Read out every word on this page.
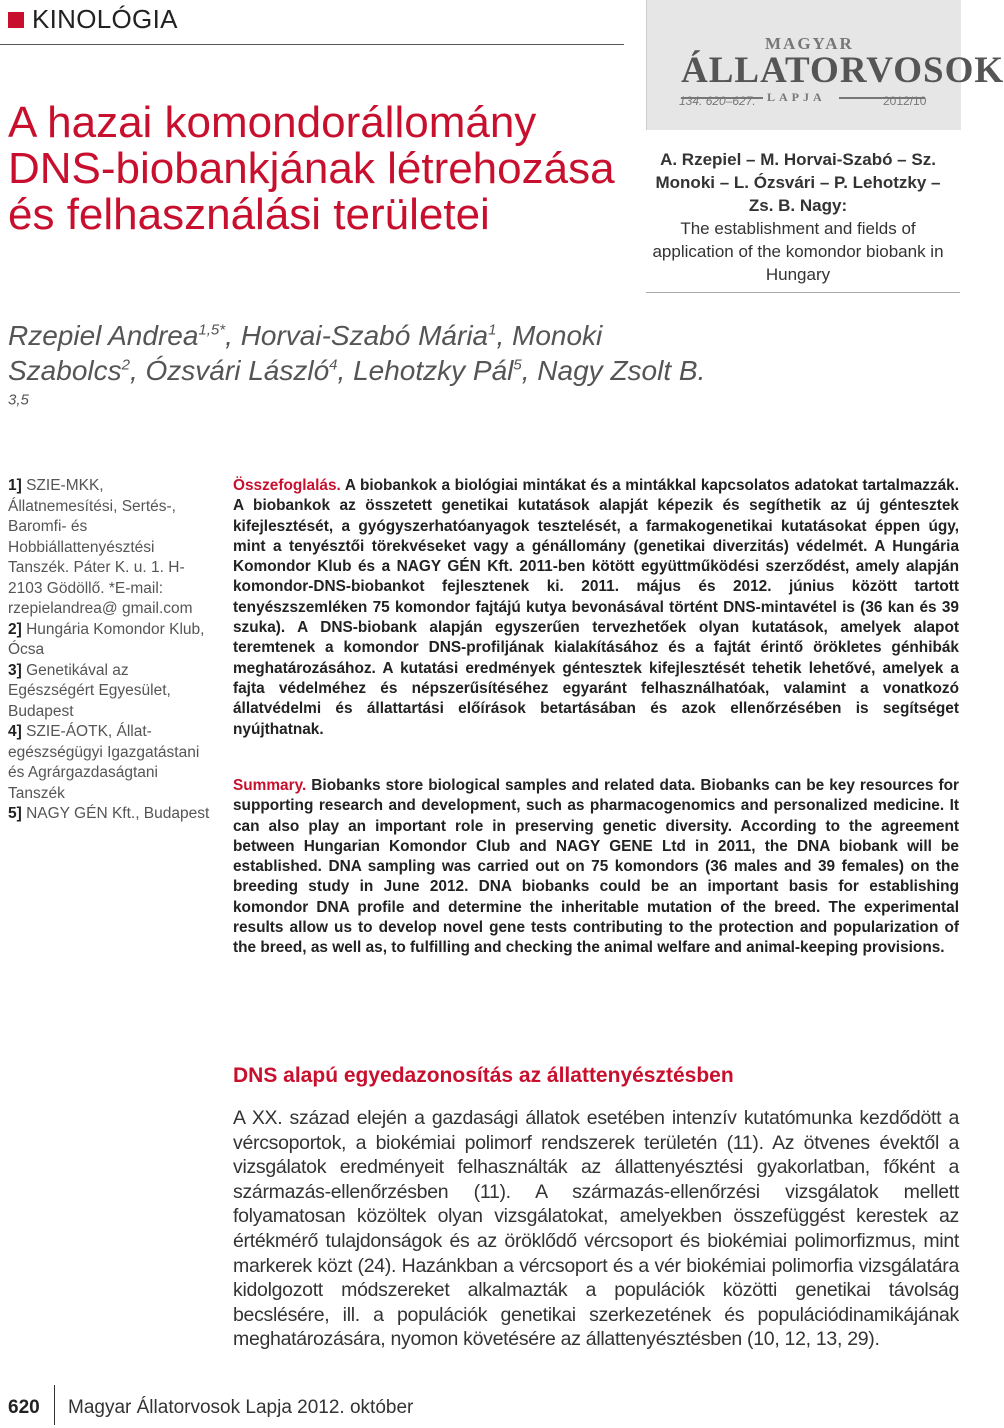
KINOLÓGIA
A hazai komondorállomány DNS-biobankjának létrehozása és felhasználási területei
MAGYAR
ÁLLATORVOSOK
LAPJA
134. 620–627.	2012/10
A. Rzepiel – M. Horvai-Szabó – Sz. Monoki – L. Ózsvári – P. Lehotzky – Zs. B. Nagy:
The establishment and fields of application of the komondor biobank in Hungary
Rzepiel Andrea$^{1,5*}$, Horvai-Szabó Mária$^1$, Monoki Szabolcs$^2$, Ózsvári László$^4$, Lehotzky Pál$^5$, Nagy Zsolt B. $^{3,5}$
1] SZIE-MKK, Állatnemesítési, Sertés-, Baromfi- és Hobbiállattenyésztési Tanszék. Páter K. u. 1. H-2103 Gödöllő. *E-mail: rzepielandrea@ gmail.com
2] Hungária Komondor Klub, Ócsa
3] Genetikával az Egészségért Egyesület, Budapest
4] SZIE-ÁOTK, Állat-egészségügyi Igazgatástani és Agrárgazdaságtani Tanszék
5] NAGY GÉN Kft., Budapest

Összefoglalás. A biobankok a biológiai mintákat és a mintákkal kapcsolatos adatokat tartalmazzák. A biobankok az összetett genetikai kutatások alapját képezik és segíthetik az új géntesztek kifejlesztését, a gyógyszerhatóanyagok tesztelését, a farmakogenetikai kutatásokat éppen úgy, mint a tenyésztői törekvéseket vagy a génállomány (genetikai diverzitás) védelmét. A Hungária Komondor Klub és a NAGY GÉN Kft. 2011-ben kötött együttműködési szerződést, amely alapján komondor-DNS-biobankot fejlesztenek ki. 2011. május és 2012. június között tartott tenyészszemléken 75 komondor fajtájú kutya bevonásával történt DNS-mintavétel is (36 kan és 39 szuka). A DNS-biobank alapján egyszerűen tervezhetőek olyan kutatások, amelyek alapot teremtenek a komondor DNS-profiljának kialakításához és a fajtát érintő örökletes génhibák meghatározásához. A kutatási eredmények géntesztek kifejlesztését tehetik lehetővé, amelyek a fajta védelméhez és népszerűsítéséhez egyaránt felhasználhatóak, valamint a vonatkozó állatvédelmi és állattartási előírások betartásában és azok ellenőrzésében is segítséget nyújthatnak.

Summary. Biobanks store biological samples and related data. Biobanks can be key resources for supporting research and development, such as pharmacogenomics and personalized medicine. It can also play an important role in preserving genetic diversity. According to the agreement between Hungarian Komondor Club and NAGY GENE Ltd in 2011, the DNA biobank will be established. DNA sampling was carried out on 75 komondors (36 males and 39 females) on the breeding study in June 2012. DNA biobanks could be an important basis for establishing komondor DNA profile and determine the inheritable mutation of the breed. The experimental results allow us to develop novel gene tests contributing to the protection and popularization of the breed, as well as, to fulfilling and checking the animal welfare and animal-keeping provisions.

DNS alapú egyedazonosítás az állattenyésztésben

A XX. század elején a gazdasági állatok esetében intenzív kutatómunka kezdődött a vércsoportok, a biokémiai polimorf rendszerek területén (11). Az ötvenes évektől a vizsgálatok eredményeit felhasználták az állattenyésztési gyakorlatban, főként a származás-ellenőrzésben (11). A származás-ellenőrzési vizsgálatok mellett folyamatosan közöltek olyan vizsgálatokat, amelyekben összefüggést kerestek az értékmérő tulajdonságok és az öröklődő vércsoport és biokémiai polimorfizmus, mint markerek közt (24). Hazánkban a vércsoport és a vér biokémiai polimorfia vizsgálatára kidolgozott módszereket alkalmazták a populációk közötti genetikai távolság becslésére, ill. a populációk genetikai szerkezetének és populációdinamikájának meghatározására, nyomon követésére az állattenyésztésben (10, 12, 13, 29).

620 Magyar Állatorvosok Lapja 2012. október
